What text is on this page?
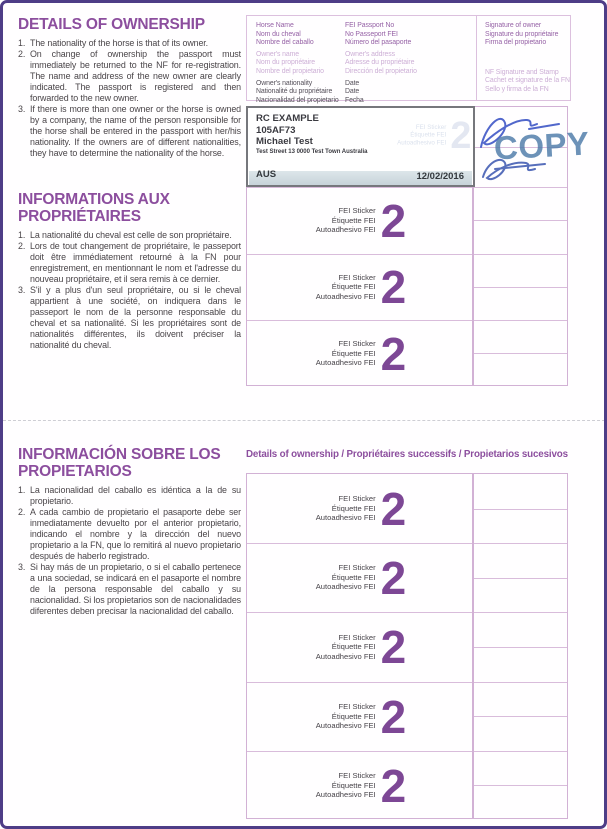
DETAILS OF OWNERSHIP
1. The nationality of the horse is that of its owner.
2. On change of ownership the passport must immediately be returned to the NF for re-registration. The name and address of the new owner are clearly indicated. The passport is registered and then forwarded to the new owner.
3. If there is more than one owner or the horse is owned by a company, the name of the person responsible for the horse shall be entered in the passport with her/his nationality. If the owners are of different nationalities, they have to determine the nationality of the horse.
INFORMATIONS AUX
PROPRIÉTAIRES
1. La nationalité du cheval est celle de son propriétaire.
2. Lors de tout changement de propriétaire, le passeport doit être immédiatement retourné à la FN pour enregistrement, en mentionnant le nom et l'adresse du nouveau propriétaire, et il sera remis à ce dernier.
3. S'il y a plus d'un seul propriétaire, ou si le cheval appartient à une société, on indiquera dans le passeport le nom de la personne responsable du cheval et sa nationalité. Si les propriétaires sont de nationalités différentes, ils doivent préciser la nationalité du cheval.
Horse Name
Nom du cheval
Nombre del caballo
Owner's name
Nom du propriétaire
Nombre del propietario
Owner's nationality
Nationalité du propriétaire
Nacionalidad del propietario
FEI Passport No
No Passeport FEI
Número del pasaporte
Owner's address
Adresse du propriétaire
Dirección del propietario
Date
Date
Fecha
Signature of owner
Signature du propriétaire
Firma del propietario
NF Signature and Stamp
Cachet et signature de la FN
Sello y firma de la FN
FEI Sticker
Étiquette FEI
Autoadhesivo FEI 2
RC EXAMPLE
105AF73
Michael Test
Test Street 13 0000 Test Town Australia
AUS	12/02/2016
FEI Sticker
Étiquette FEI
Autoadhesivo FEI 2
FEI Sticker
Étiquette FEI
Autoadhesivo FEI 2
FEI Sticker
Étiquette FEI
Autoadhesivo FEI 2
COPY
INFORMACIÓN SOBRE LOS
PROPIETARIOS
1. La nacionalidad del caballo es idéntica a la de su propietario.
2. A cada cambio de propietario el pasaporte debe ser inmediatamente devuelto por el anterior propietario, indicando el nombre y la dirección del nuevo propietario a la FN, que lo remitirá al nuevo propietario después de haberlo registrado.
3. Si hay más de un propietario, o si el caballo pertenece a una sociedad, se indicará en el pasaporte el nombre de la persona responsable del caballo y su nacionalidad. Si los propietarios son de nacionalidades diferentes deben precisar la nacionalidad del caballo.
Details of ownership / Propriétaires successifs / Propietarios sucesivos
FEI Sticker
Étiquette FEI
Autoadhesivo FEI 2
FEI Sticker
Étiquette FEI
Autoadhesivo FEI 2
FEI Sticker
Étiquette FEI
Autoadhesivo FEI 2
FEI Sticker
Étiquette FEI
Autoadhesivo FEI 2
FEI Sticker
Étiquette FEI
Autoadhesivo FEI 2
